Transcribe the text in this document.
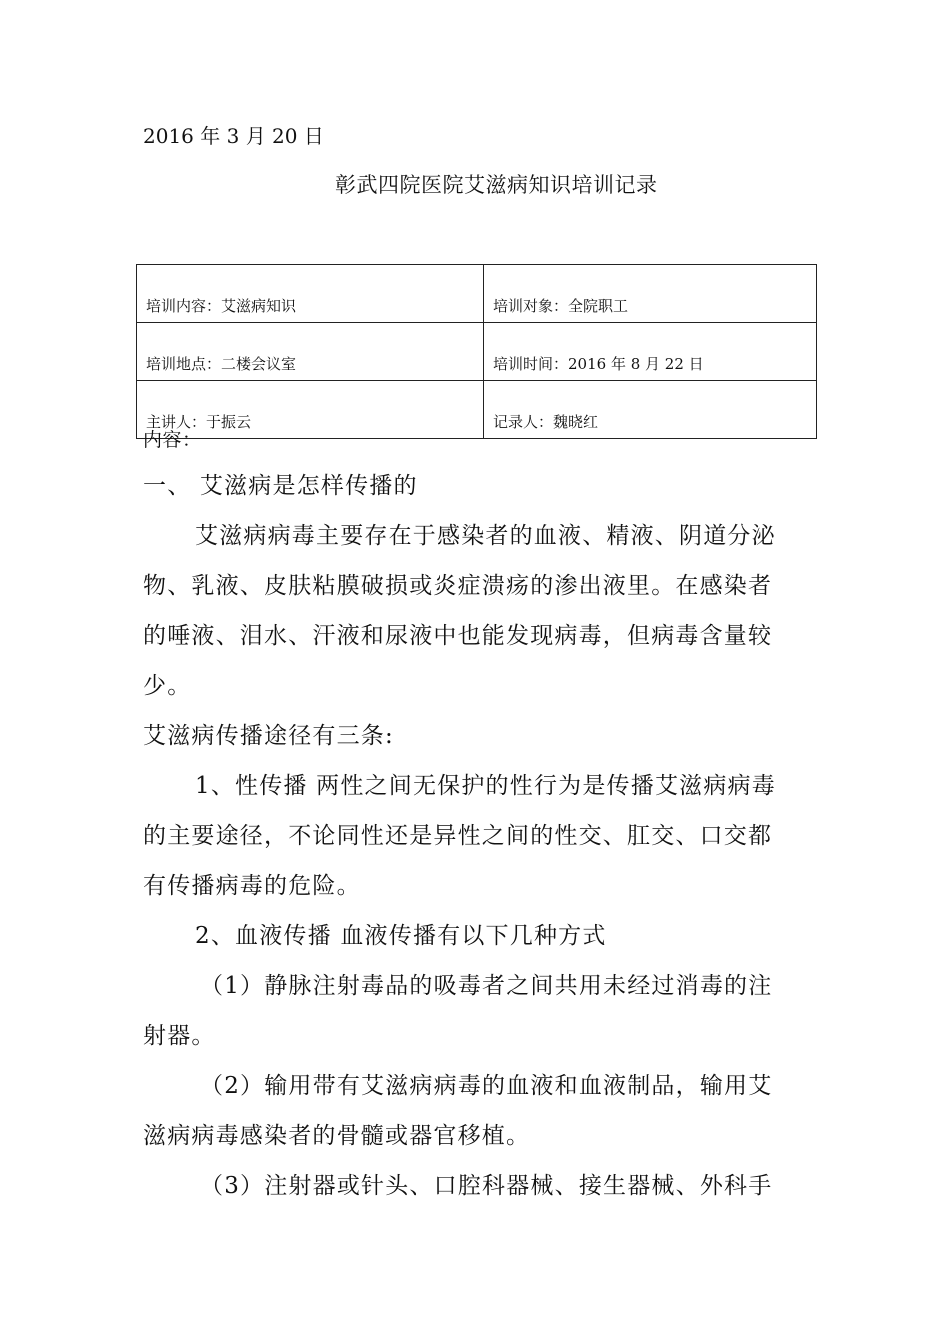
2016 年 3 月 20 日
彰武四院医院艾滋病知识培训记录
培训内容：艾滋病知识	培训对象：全院职工
培训地点：二楼会议室	培训时间：2016 年 8 月 22 日
主讲人：于振云	记录人：魏晓红
内容：
一、 艾滋病是怎样传播的
艾滋病病毒主要存在于感染者的血液、精液、阴道分泌
物、乳液、皮肤粘膜破损或炎症溃疡的渗出液里。在感染者
的唾液、泪水、汗液和尿液中也能发现病毒，但病毒含量较
少。
艾滋病传播途径有三条:
1、性传播 两性之间无保护的性行为是传播艾滋病病毒
的主要途径，不论同性还是异性之间的性交、肛交、口交都
有传播病毒的危险。
2、血液传播 血液传播有以下几种方式
（1）静脉注射毒品的吸毒者之间共用未经过消毒的注
射器。
（2）输用带有艾滋病病毒的血液和血液制品，输用艾
滋病病毒感染者的骨髓或器官移植。
（3）注射器或针头、口腔科器械、接生器械、外科手
